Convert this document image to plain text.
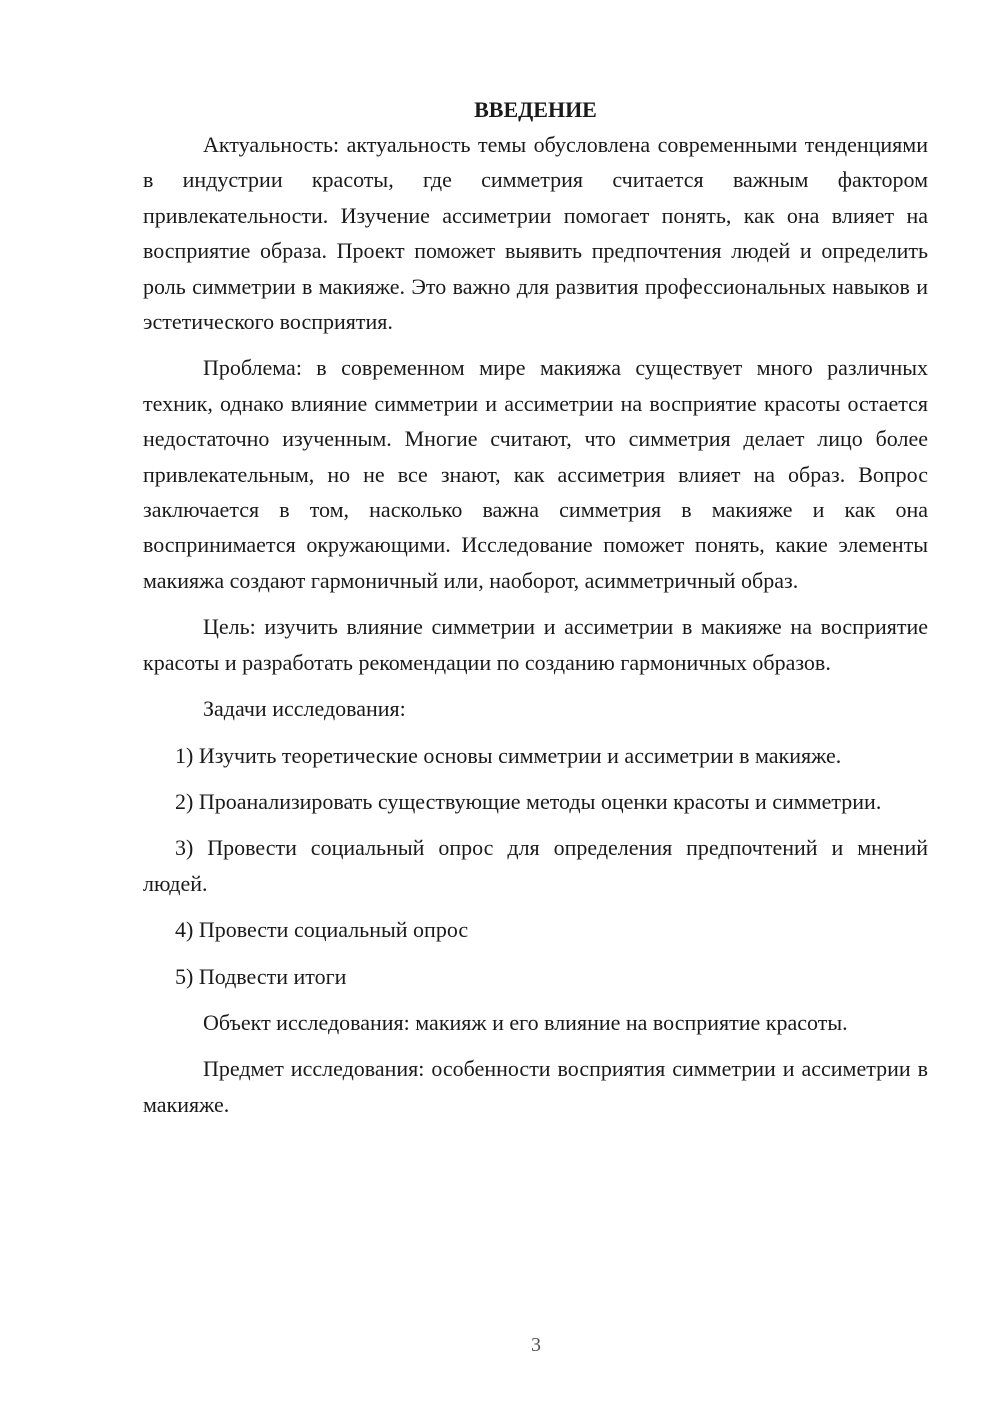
ВВЕДЕНИЕ

Актуальность: актуальность темы обусловлена современными тенденциями в индустрии красоты, где симметрия считается важным фактором привлекательности. Изучение ассиметрии помогает понять, как она влияет на восприятие образа. Проект поможет выявить предпочтения людей и определить роль симметрии в макияже. Это важно для развития профессиональных навыков и эстетического восприятия.

Проблема: в современном мире макияжа существует много различных техник, однако влияние симметрии и ассиметрии на восприятие красоты остается недостаточно изученным. Многие считают, что симметрия делает лицо более привлекательным, но не все знают, как ассиметрия влияет на образ. Вопрос заключается в том, насколько важна симметрия в макияже и как она воспринимается окружающими. Исследование поможет понять, какие элементы макияжа создают гармоничный или, наоборот, асимметричный образ.

Цель: изучить влияние симметрии и ассиметрии в макияже на восприятие красоты и разработать рекомендации по созданию гармоничных образов.

Задачи исследования:

1) Изучить теоретические основы симметрии и ассиметрии в макияже.

2) Проанализировать существующие методы оценки красоты и симметрии.

3) Провести социальный опрос для определения предпочтений и мнений людей.

4) Провести социальный опрос

5) Подвести итоги

Объект исследования: макияж и его влияние на восприятие красоты.

Предмет исследования: особенности восприятия симметрии и ассиметрии в макияже.

3
